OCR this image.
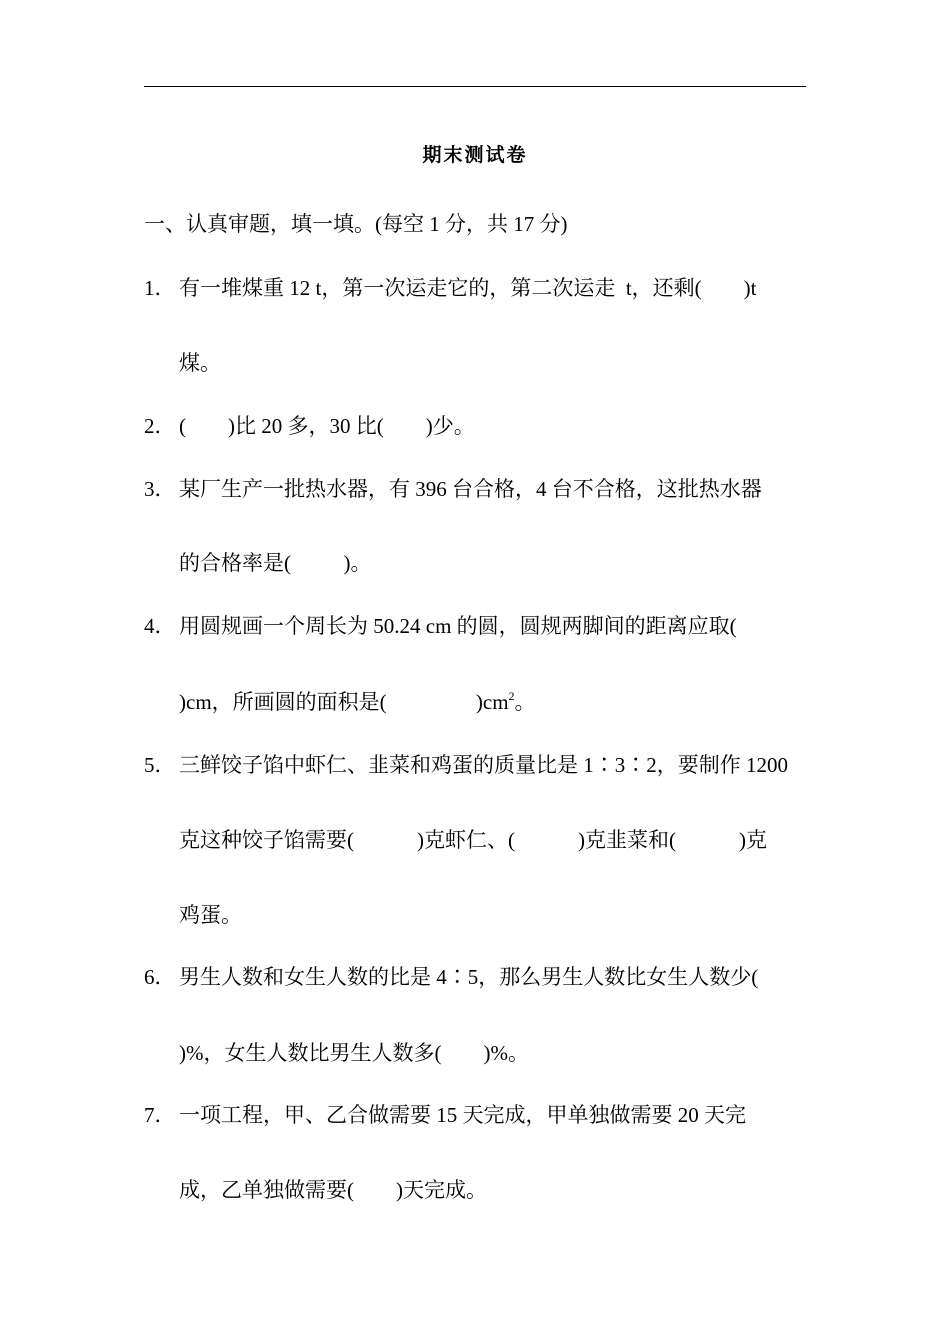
期末测试卷
一、认真审题，填一填。(每空 1 分，共 17 分)
1． 有一堆煤重 12 t，第一次运走它的，第二次运走  t，还剩(        )t
煤。
2． (        )比 20 多，30 比(        )少。
3． 某厂生产一批热水器，有 396 台合格，4 台不合格，这批热水器
的合格率是(          )。
4． 用圆规画一个周长为 50.24 cm 的圆，圆规两脚间的距离应取(
)cm，所画圆的面积是(                 )$cm^2$。
5． 三鲜饺子馅中虾仁、韭菜和鸡蛋的质量比是 1∶3∶2，要制作 1200
克这种饺子馅需要(            )克虾仁、(            )克韭菜和(            )克
鸡蛋。
6． 男生人数和女生人数的比是 4∶5，那么男生人数比女生人数少(
)%，女生人数比男生人数多(        )%。
7． 一项工程，甲、乙合做需要 15 天完成，甲单独做需要 20 天完
成，乙单独做需要(        )天完成。
